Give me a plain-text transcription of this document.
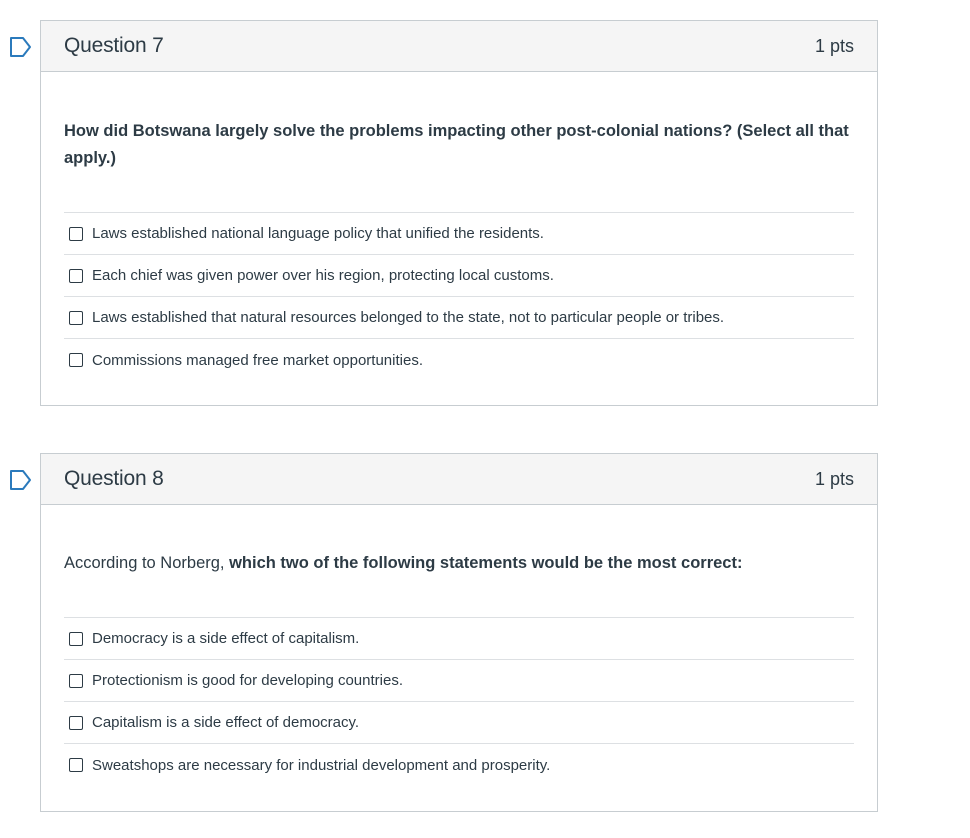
Question 7	1 pts
How did Botswana largely solve the problems impacting other post-colonial nations? (Select all that apply.)
Laws established national language policy that unified the residents.
Each chief was given power over his region, protecting local customs.
Laws established that natural resources belonged to the state, not to particular people or tribes.
Commissions managed free market opportunities.
Question 8	1 pts
According to Norberg, which two of the following statements would be the most correct:
Democracy is a side effect of capitalism.
Protectionism is good for developing countries.
Capitalism is a side effect of democracy.
Sweatshops are necessary for industrial development and prosperity.
